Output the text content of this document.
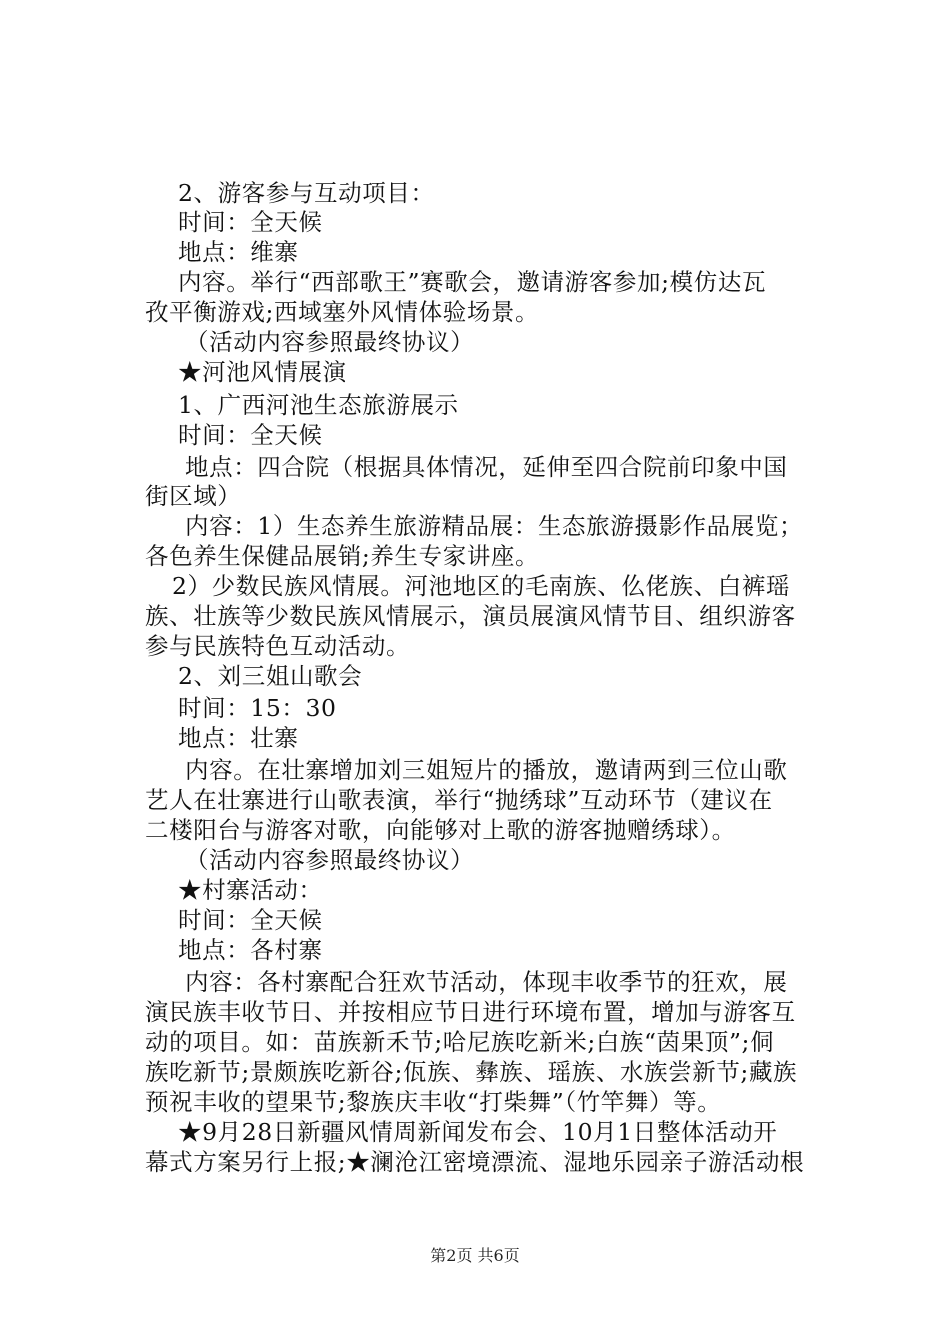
2、游客参与互动项目：
时间：全天候
地点：维寨
内容。举行“西部歌王”赛歌会，邀请游客参加;模仿达瓦
孜平衡游戏;西域塞外风情体验场景。
（活动内容参照最终协议）
★河池风情展演
1、广西河池生态旅游展示
时间：全天候
地点：四合院（根据具体情况，延伸至四合院前印象中国
街区域）
内容：1）生态养生旅游精品展：生态旅游摄影作品展览；
各色养生保健品展销;养生专家讲座。
2）少数民族风情展。河池地区的毛南族、仫佬族、白裤瑶
族、壮族等少数民族风情展示，演员展演风情节目、组织游客
参与民族特色互动活动。
2、刘三姐山歌会
时间：15：30
地点：壮寨
内容。在壮寨增加刘三姐短片的播放，邀请两到三位山歌
艺人在壮寨进行山歌表演，举行“抛绣球”互动环节（建议在
二楼阳台与游客对歌，向能够对上歌的游客抛赠绣球）。
（活动内容参照最终协议）
★村寨活动：
时间：全天候
地点：各村寨
内容：各村寨配合狂欢节活动，体现丰收季节的狂欢，展
演民族丰收节日、并按相应节日进行环境布置，增加与游客互
动的项目。如：苗族新禾节;哈尼族吃新米;白族“茵果顶”;侗
族吃新节;景颇族吃新谷;佤族、彝族、瑶族、水族尝新节;藏族
预祝丰收的望果节;黎族庆丰收“打柴舞”（竹竿舞）等。
★9月28日新疆风情周新闻发布会、10月1日整体活动开
幕式方案另行上报;★澜沧江密境漂流、湿地乐园亲子游活动根
第2页 共6页
